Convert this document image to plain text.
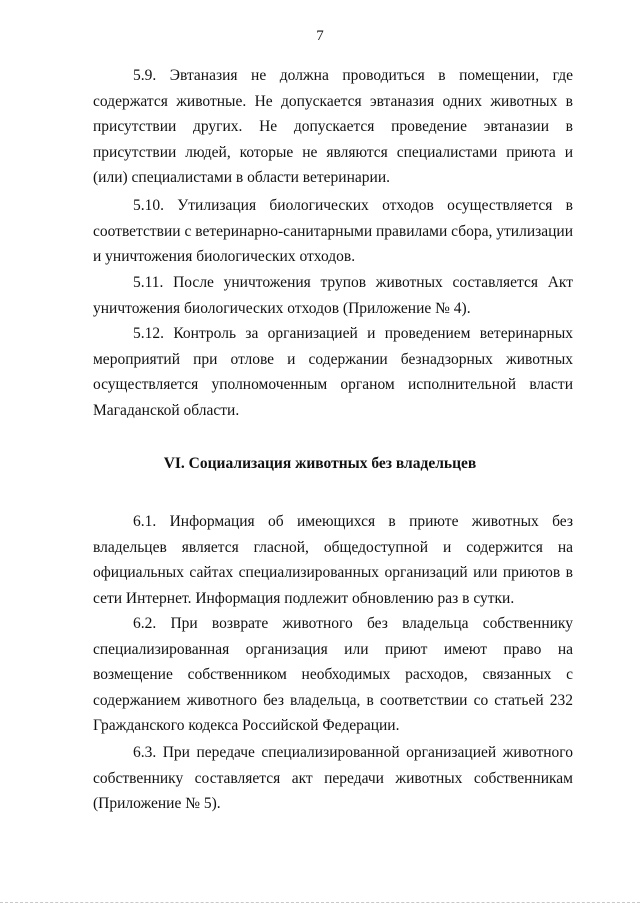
7

5.9. Эвтаназия не должна проводиться в помещении, где содержатся животные. Не допускается эвтаназия одних животных в присутствии других. Не допускается проведение эвтаназии в присутствии людей, которые не являются специалистами приюта и (или) специалистами в области ветеринарии.

5.10. Утилизация биологических отходов осуществляется в соответствии с ветеринарно-санитарными правилами сбора, утилизации и уничтожения биологических отходов.

5.11. После уничтожения трупов животных составляется Акт уничтожения биологических отходов (Приложение № 4).

5.12. Контроль за организацией и проведением ветеринарных мероприятий при отлове и содержании безнадзорных животных осуществляется уполномоченным органом исполнительной власти Магаданской области.

VI. Социализация животных без владельцев

6.1. Информация об имеющихся в приюте животных без владельцев является гласной, общедоступной и содержится на официальных сайтах специализированных организаций или приютов в сети Интернет. Информация подлежит обновлению раз в сутки.

6.2. При возврате животного без владельца собственнику специализированная организация или приют имеют право на возмещение собственником необходимых расходов, связанных с содержанием животного без владельца, в соответствии со статьей 232 Гражданского кодекса Российской Федерации.

6.3. При передаче специализированной организацией животного собственнику составляется акт передачи животных собственникам (Приложение № 5).
